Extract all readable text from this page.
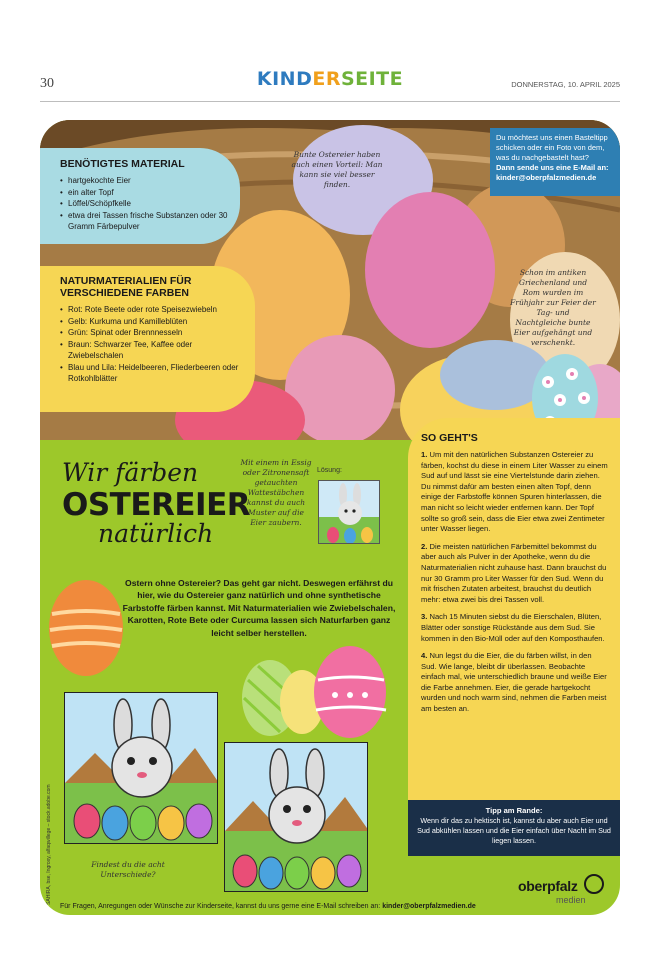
30	KINDERSEITE	DONNERSTAG, 10. APRIL 2025
Bunte Ostereier haben auch einen Vorteil: Man kann sie viel besser finden.
Schon im antiken Griechenland und Rom wurden im Frühjahr zur Feier der Tag- und Nachtgleiche bunte Eier aufgehängt und verschenkt.
BENÖTIGTES MATERIAL
• hartgekochte Eier
• ein alter Topf
• Löffel/Schöpfkelle
• etwa drei Tassen frische Substanzen oder 30 Gramm Färbepulver
NATURMATERIALIEN FÜR VERSCHIEDENE FARBEN
• Rot: Rote Beete oder rote Speisezwiebeln
• Gelb: Kurkuma und Kamilleblüten
• Grün: Spinat oder Brennnesseln
• Braun: Schwarzer Tee, Kaffee oder Zwiebelschalen
• Blau und Lila: Heidelbeeren, Fliederbeeren oder Rotkohlblätter
Du möchtest uns einen Basteltipp schicken oder ein Foto von dem, was du nachgebastelt hast?
Dann sende uns eine E-Mail an:
kinder@oberpfalzmedien.de
Wir färben
OSTEREIER
natürlich
Mit einem in Essig oder Zitronensaft getauchten Wattestäbchen kannst du auch Muster auf die Eier zaubern.
Lösung:
Ostern ohne Ostereier? Das geht gar nicht. Deswegen erfährst du hier, wie du Ostereier ganz natürlich und ohne synthetische Farbstoffe färben kannst. Mit Naturmaterialien wie Zwiebelschalen, Karotten, Rote Bete oder Curcuma lassen sich Naturfarben ganz leicht selber herstellen.
Findest du die acht Unterschiede?
SO GEHT'S
1. Um mit den natürlichen Substanzen Ostereier zu färben, kochst du diese in einem Liter Wasser zu einem Sud auf und lässt sie eine Viertelstunde darin ziehen. Du nimmst dafür am besten einen alten Topf, denn einige der Farbstoffe können Spuren hinterlassen, die man nicht so leicht wieder entfernen kann. Der Topf sollte so groß sein, dass die Eier etwa zwei Zentimeter unter Wasser liegen.
2. Die meisten natürlichen Färbemittel bekommst du aber auch als Pulver in der Apotheke, wenn du die Naturmaterialien nicht zuhause hast. Dann brauchst du nur 30 Gramm pro Liter Wasser für den Sud. Wenn du mit frischen Zutaten arbeitest, brauchst du deutlich mehr: etwa zwei bis drei Tassen voll.
3. Nach 15 Minuten siebst du die Eierschalen, Blüten, Blätter oder sonstige Rückstände aus dem Sud. Sie kommen in den Bio-Müll oder auf den Komposthaufen.
4. Nun legst du die Eier, die du färben willst, in den Sud. Wie lange, bleibt dir überlassen. Beobachte einfach mal, wie unterschiedlich braune und weiße Eier die Farbe annehmen. Eier, die gerade hartgekocht wurden und noch warm sind, nehmen die Farben meist am besten an.
Tipp am Rande:
Wenn dir das zu hektisch ist, kannst du aber auch Eier und Sud abkühlen lassen und die Eier einfach über Nacht im Sud liegen lassen.
Für Fragen, Anregungen oder Wünsche zur Kinderseite, kannst du uns gerne eine E-Mail schreiben an: kinder@oberpfalzmedien.de
oberpfalz
medien
© SAHIRA, bse, Ingroxy, alfaqwillege – stock.adobe.com
